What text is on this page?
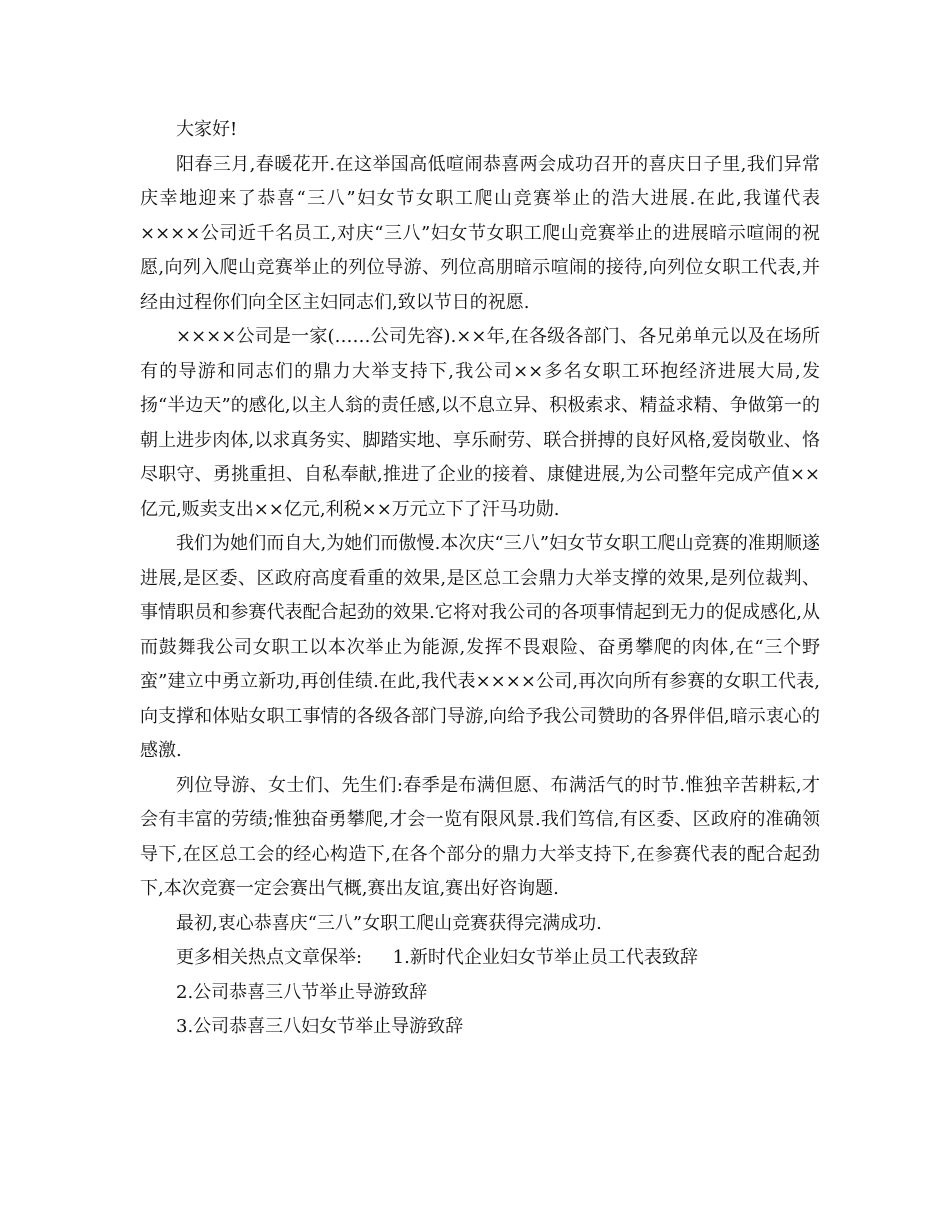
大家好!

阳春三月,春暖花开.在这举国高低喧闹恭喜两会成功召开的喜庆日子里,我们异常庆幸地迎来了恭喜“三八”妇女节女职工爬山竞赛举止的浩大进展.在此,我谨代表××××公司近千名员工,对庆“三八”妇女节女职工爬山竞赛举止的进展暗示喧闹的祝愿,向列入爬山竞赛举止的列位导游、列位高朋暗示喧闹的接待,向列位女职工代表,并经由过程你们向全区主妇同志们,致以节日的祝愿.

××××公司是一家(……公司先容).××年,在各级各部门、各兄弟单元以及在场所有的导游和同志们的鼎力大举支持下,我公司××多名女职工环抱经济进展大局,发扬“半边天”的感化,以主人翁的责任感,以不息立异、积极索求、精益求精、争做第一的朝上进步肉体,以求真务实、脚踏实地、享乐耐劳、联合拼搏的良好风格,爱岗敬业、恪尽职守、勇挑重担、自私奉献,推进了企业的接着、康健进展,为公司整年完成产值××亿元,贩卖支出××亿元,利税××万元立下了汗马功勋.

我们为她们而自大,为她们而傲慢.本次庆“三八”妇女节女职工爬山竞赛的准期顺遂进展,是区委、区政府高度看重的效果,是区总工会鼎力大举支撑的效果,是列位裁判、事情职员和参赛代表配合起劲的效果.它将对我公司的各项事情起到无力的促成感化,从而鼓舞我公司女职工以本次举止为能源,发挥不畏艰险、奋勇攀爬的肉体,在“三个野蛮”建立中勇立新功,再创佳绩.在此,我代表××××公司,再次向所有参赛的女职工代表,向支撑和体贴女职工事情的各级各部门导游,向给予我公司赞助的各界伴侣,暗示衷心的感激.

列位导游、女士们、先生们:春季是布满但愿、布满活气的时节.惟独辛苦耕耘,才会有丰富的劳绩;惟独奋勇攀爬,才会一览有限风景.我们笃信,有区委、区政府的准确领导下,在区总工会的经心构造下,在各个部分的鼎力大举支持下,在参赛代表的配合起劲下,本次竞赛一定会赛出气概,赛出友谊,赛出好咨询题.

最初,衷心恭喜庆“三八”女职工爬山竞赛获得完满成功.

更多相关热点文章保举: 1.新时代企业妇女节举止员工代表致辞

2.公司恭喜三八节举止导游致辞

3.公司恭喜三八妇女节举止导游致辞
